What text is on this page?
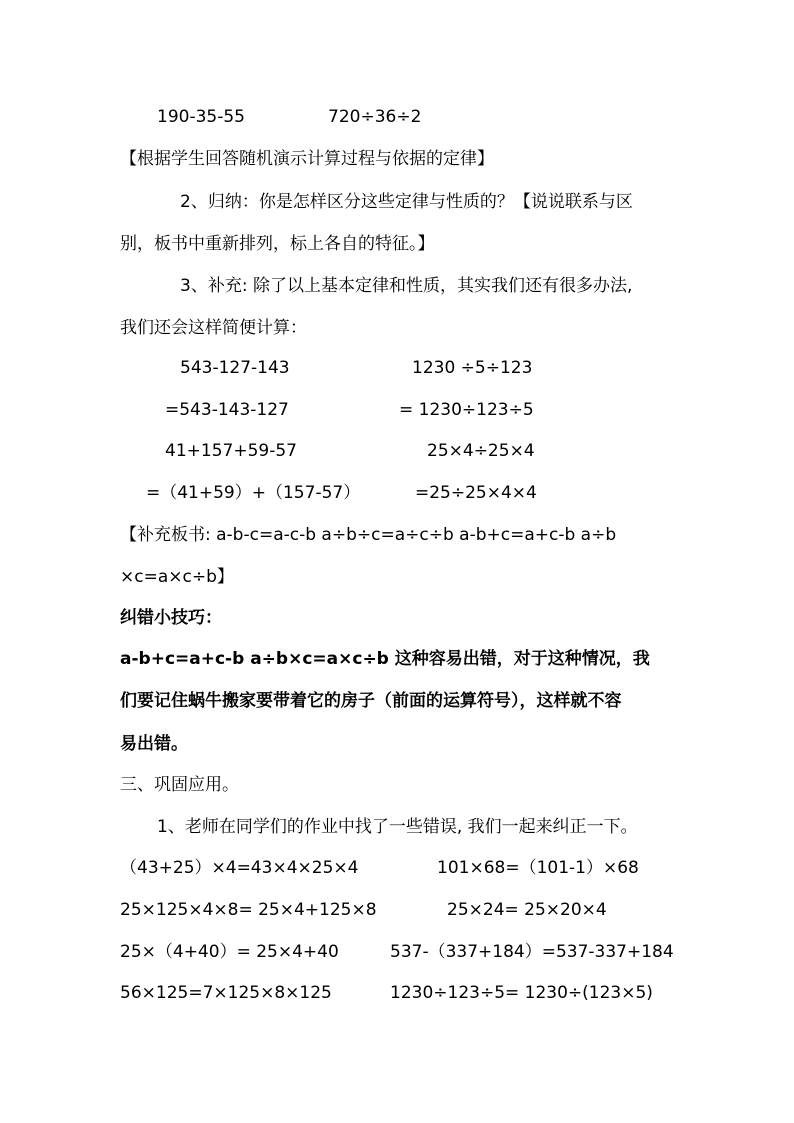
190-35-55	720÷36÷2
【根据学生回答随机演示计算过程与依据的定律】
2、归纳：你是怎样区分这些定律与性质的？【说说联系与区
别，板书中重新排列，标上各自的特征。】
3、补充: 除了以上基本定律和性质，其实我们还有很多办法,
我们还会这样简便计算：
543-127-143	1230 ÷5÷123
=543-143-127	= 1230÷123÷5
41+157+59-57	25×4÷25×4
=（41+59）+（157-57）	=25÷25×4×4
【补充板书: a-b-c=a-c-b a÷b÷c=a÷c÷b a-b+c=a+c-b a÷b
×c=a×c÷b】
纠错小技巧：
a-b+c=a+c-b a÷b×c=a×c÷b 这种容易出错，对于这种情况，我
们要记住蜗牛搬家要带着它的房子（前面的运算符号），这样就不容
易出错。
三、巩固应用。
1、老师在同学们的作业中找了一些错误, 我们一起来纠正一下。
（43+25）×4=43×4×25×4	101×68=（101-1）×68
25×125×4×8= 25×4+125×8	25×24= 25×20×4
25×（4+40）= 25×4+40	537-（337+184）=537-337+184
56×125=7×125×8×125	1230÷123÷5= 1230÷(123×5)
